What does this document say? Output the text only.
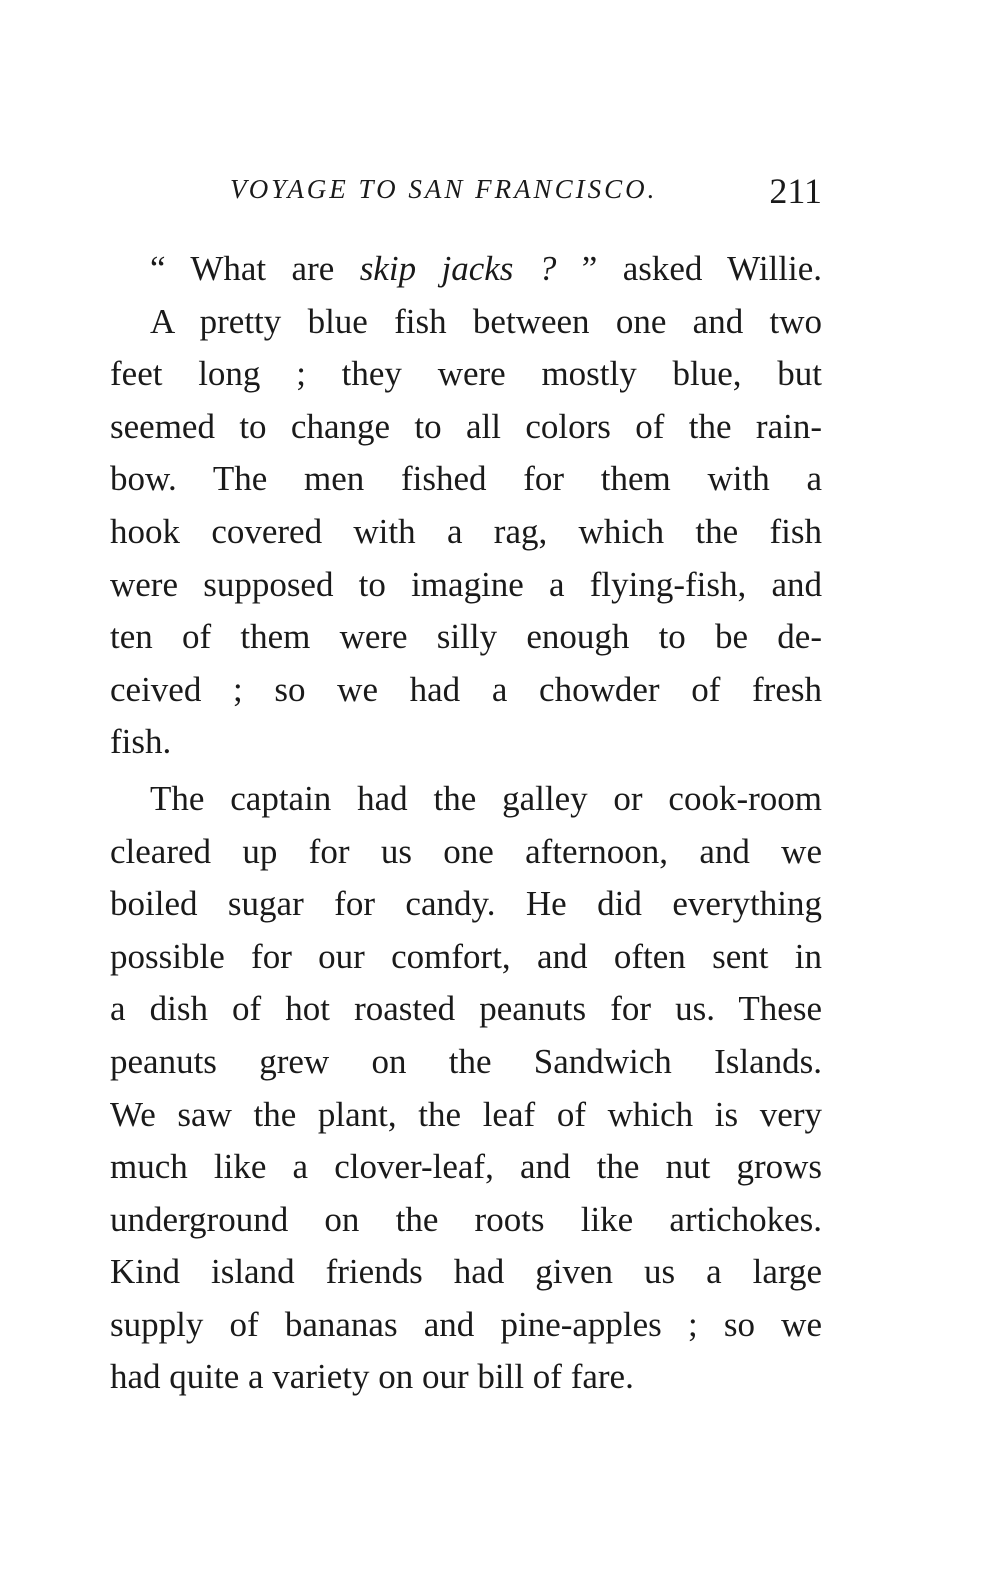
VOYAGE TO SAN FRANCISCO.	211
“ What are skip jacks ? ” asked Willie.
A pretty blue fish between one and two
feet long ; they were mostly blue, but
seemed to change to all colors of the rain-
bow. The men fished for them with a
hook covered with a rag, which the fish
were supposed to imagine a flying-fish, and
ten of them were silly enough to be de-
ceived ; so we had a chowder of fresh
fish.
The captain had the galley or cook-room
cleared up for us one afternoon, and we
boiled sugar for candy. He did everything
possible for our comfort, and often sent in
a dish of hot roasted peanuts for us. These
peanuts grew on the Sandwich Islands.
We saw the plant, the leaf of which is very
much like a clover-leaf, and the nut grows
underground on the roots like artichokes.
Kind island friends had given us a large
supply of bananas and pine-apples ; so we
had quite a variety on our bill of fare.
